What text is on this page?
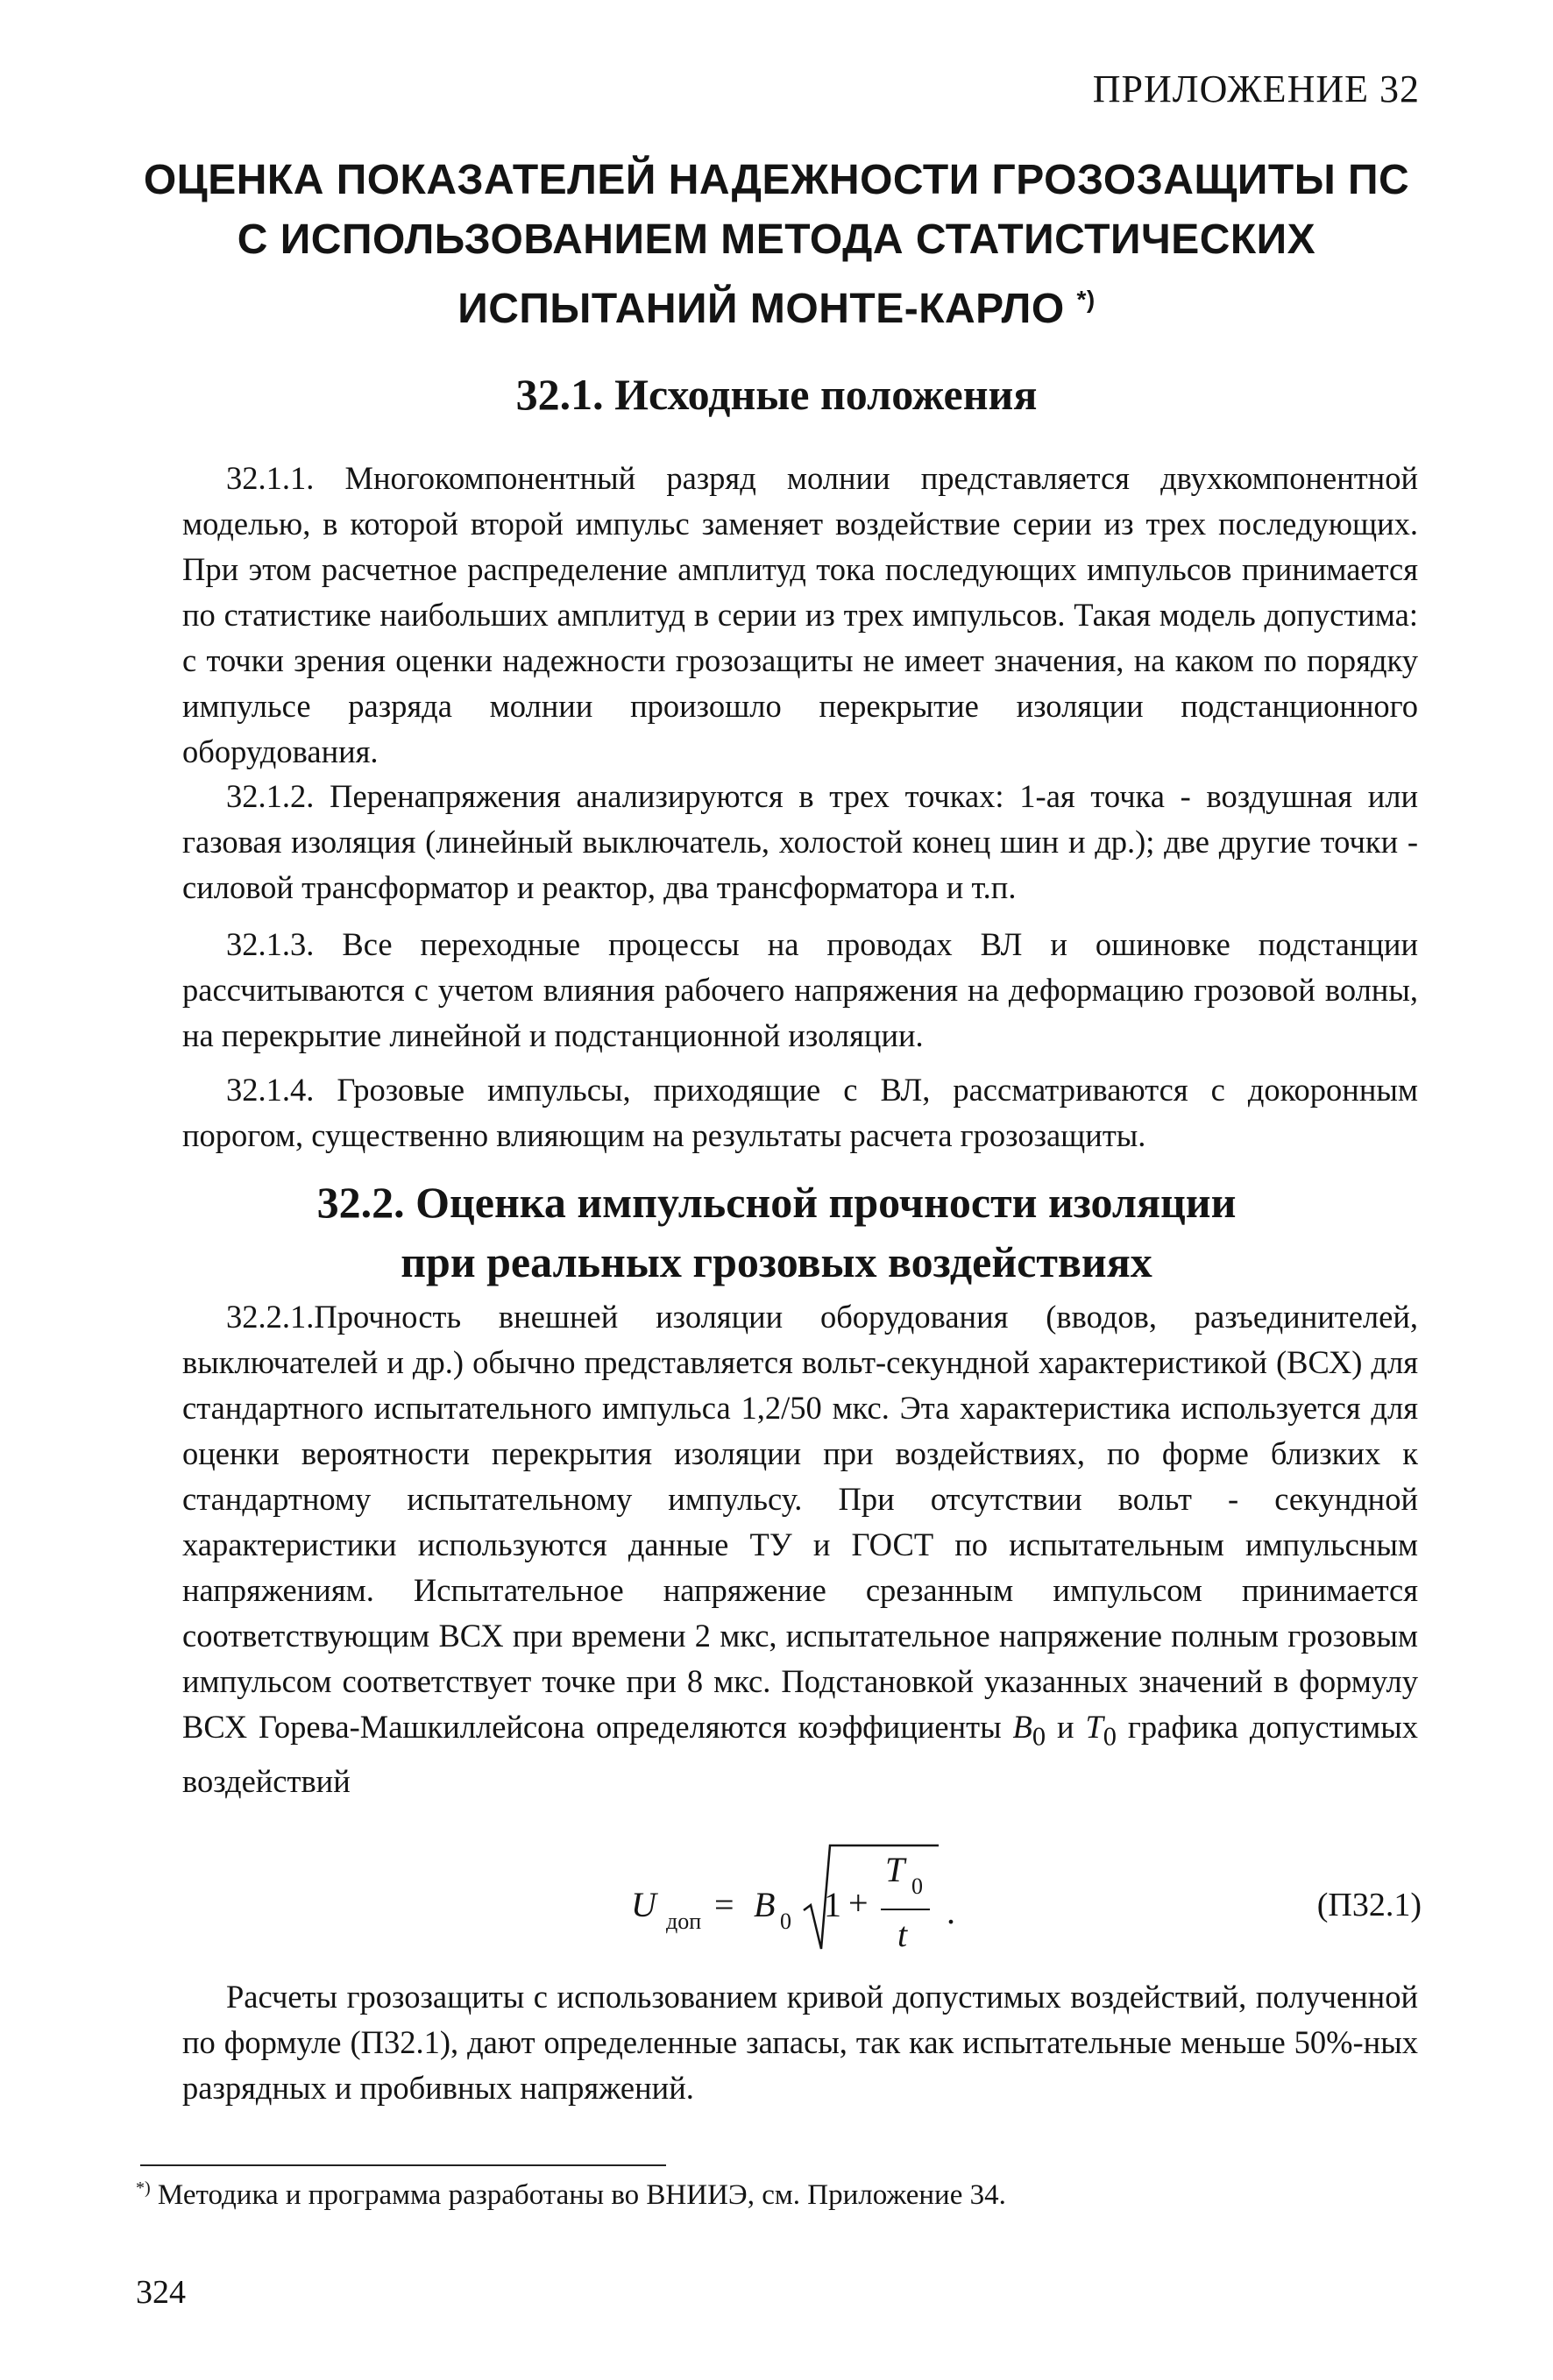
ПРИЛОЖЕНИЕ 32

ОЦЕНКА ПОКАЗАТЕЛЕЙ НАДЕЖНОСТИ ГРОЗОЗАЩИТЫ ПС
С ИСПОЛЬЗОВАНИЕМ МЕТОДА СТАТИСТИЧЕСКИХ
ИСПЫТАНИЙ МОНТЕ-КАРЛО *)
32.1. Исходные положения

32.1.1. Многокомпонентный разряд молнии представляется двухкомпонентной моделью, в которой второй импульс заменяет воздействие серии из трех последующих. При этом расчетное распределение амплитуд тока последующих импульсов принимается по статистике наибольших амплитуд в серии из трех импульсов. Такая модель допустима: с точки зрения оценки надежности грозозащиты не имеет значения, на каком по порядку импульсе разряда молнии произошло перекрытие изоляции подстанционного оборудования.

32.1.2. Перенапряжения анализируются в трех точках: 1-ая точка - воздушная или газовая изоляция (линейный выключатель, холостой конец шин и др.); две другие точки - силовой трансформатор и реактор, два трансформатора и т.п.

32.1.3. Все переходные процессы на проводах ВЛ и ошиновке подстанции рассчитываются с учетом влияния рабочего напряжения на деформацию грозовой волны, на перекрытие линейной и подстанционной изоляции.

32.1.4. Грозовые импульсы, приходящие с ВЛ, рассматриваются с докоронным порогом, существенно влияющим на результаты расчета грозозащиты.

32.2. Оценка импульсной прочности изоляции
при реальных грозовых воздействиях

32.2.1.Прочность внешней изоляции оборудования (вводов, разъединителей, выключателей и др.) обычно представляется вольт-секундной характеристикой (ВСХ) для стандартного испытательного импульса 1,2/50 мкс. Эта характеристика используется для оценки вероятности перекрытия изоляции при воздействиях, по форме близких к стандартному испытательному импульсу. При отсутствии вольт - секундной характеристики используются данные ТУ и ГОСТ по испытательным импульсным напряжениям. Испытательное напряжение срезанным импульсом принимается соответствующим ВСХ при времени 2 мкс, испытательное напряжение полным грозовым импульсом соответствует точке при 8 мкс. Подстановкой указанных значений в формулу ВСХ Горева-Машкиллейсона определяются коэффициенты $B_0$ и $T_0$ графика допустимых воздействий

U доп = B 0 1 +
T 0
t
.	(П32.1)

Расчеты грозозащиты с использованием кривой допустимых воздействий, полученной по формуле (П32.1), дают определенные запасы, так как испытательные меньше 50%-ных разрядных и пробивных напряжений.

*) Методика и программа разработаны во ВНИИЭ, см. Приложение 34.

324
